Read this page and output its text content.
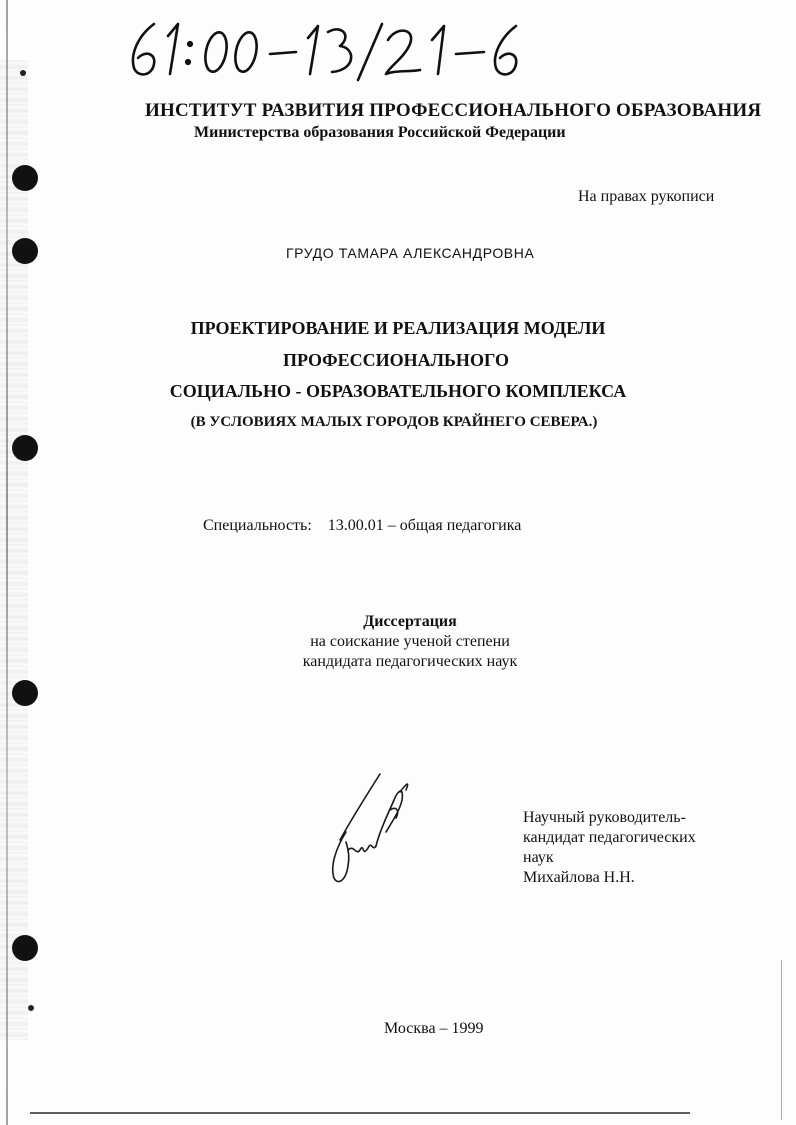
ИНСТИТУТ РАЗВИТИЯ ПРОФЕССИОНАЛЬНОГО ОБРАЗОВАНИЯ

Министерства образования Российской Федерации

На правах рукописи

ГРУДО ТАМАРА АЛЕКСАНДРОВНА

ПРОЕКТИРОВАНИЕ И РЕАЛИЗАЦИЯ МОДЕЛИ

ПРОФЕССИОНАЛЬНОГО

СОЦИАЛЬНО - ОБРАЗОВАТЕЛЬНОГО КОМПЛЕКСА

(В УСЛОВИЯХ МАЛЫХ ГОРОДОВ КРАЙНЕГО СЕВЕРА.)

Специальность: 13.00.01 – общая педагогика

Диссертация
на соискание ученой степени
кандидата педагогических наук
Научный руководитель-
кандидат педагогических
наук
Михайлова Н.Н.

Москва – 1999
